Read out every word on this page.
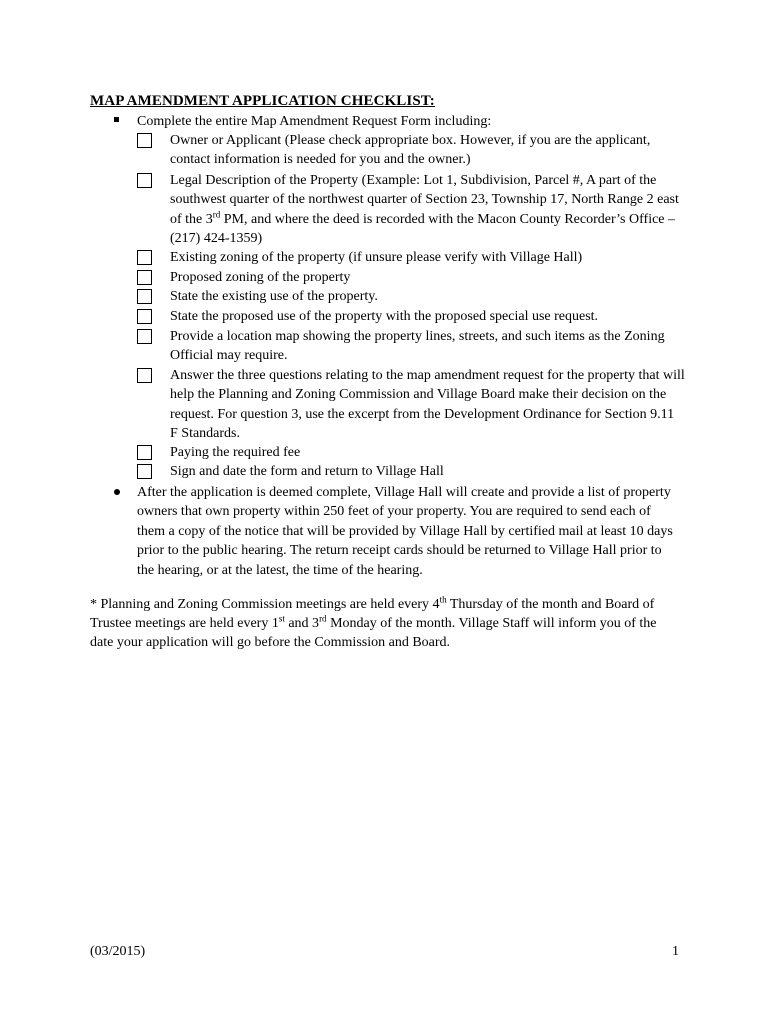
MAP AMENDMENT APPLICATION CHECKLIST:
Complete the entire Map Amendment Request Form including:
Owner or Applicant (Please check appropriate box. However, if you are the applicant,
contact information is needed for you and the owner.)
Legal Description of the Property (Example: Lot 1, Subdivision, Parcel #, A part of the
southwest quarter of the northwest quarter of Section 23, Township 17, North Range 2 east
of the 3rd PM, and where the deed is recorded with the Macon County Recorder’s Office –
(217) 424-1359)
Existing zoning of the property (if unsure please verify with Village Hall)
Proposed zoning of the property
State the existing use of the property.
State the proposed use of the property with the proposed special use request.
Provide a location map showing the property lines, streets, and such items as the Zoning
Official may require.
Answer the three questions relating to the map amendment request for the property that will
help the Planning and Zoning Commission and Village Board make their decision on the
request. For question 3, use the excerpt from the Development Ordinance for Section 9.11
F Standards.
Paying the required fee
Sign and date the form and return to Village Hall
After the application is deemed complete, Village Hall will create and provide a list of property
owners that own property within 250 feet of your property. You are required to send each of
them a copy of the notice that will be provided by Village Hall by certified mail at least 10 days
prior to the public hearing. The return receipt cards should be returned to Village Hall prior to
the hearing, or at the latest, the time of the hearing.
* Planning and Zoning Commission meetings are held every 4th Thursday of the month and Board of
Trustee meetings are held every 1st and 3rd Monday of the month. Village Staff will inform you of the
date your application will go before the Commission and Board.
(03/2015)	1
